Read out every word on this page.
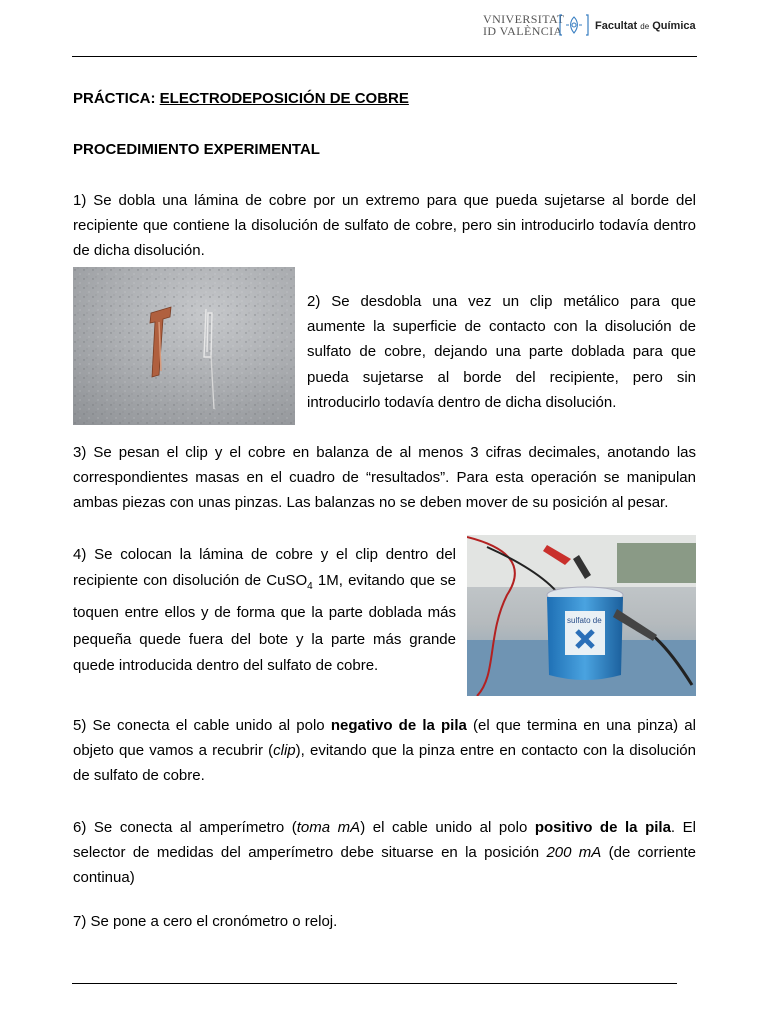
VNIVERSITAT
ID VALÈNCIA	Facultat de Química

PRÁCTICA: ELECTRODEPOSICIÓN DE COBRE

PROCEDIMIENTO EXPERIMENTAL

1) Se dobla una lámina de cobre por un extremo para que pueda sujetarse al borde del recipiente que contiene la disolución de sulfato de cobre, pero sin introducirlo todavía dentro de dicha disolución.

2) Se desdobla una vez un clip metálico para que aumente la superficie de contacto con la disolución de sulfato de cobre, dejando una parte doblada para que pueda sujetarse al borde del recipiente, pero sin introducirlo todavía dentro de dicha disolución.

3) Se pesan el clip y el cobre en balanza de al menos 3 cifras decimales, anotando las correspondientes masas en el cuadro de “resultados”. Para esta operación se manipulan ambas piezas con unas pinzas. Las balanzas no se deben mover de su posición al pesar.

4) Se colocan la lámina de cobre y el clip dentro del recipiente con disolución de CuSO$_4$ 1M, evitando que se toquen entre ellos y de forma que la parte doblada más pequeña quede fuera del bote y la parte más grande quede introducida dentro del sulfato de cobre.

sulfato de

5) Se conecta el cable unido al polo negativo de la pila (el que termina en una pinza) al objeto que vamos a recubrir (clip), evitando que la pinza entre en contacto con la disolución de sulfato de cobre.

6) Se conecta al amperímetro (toma mA) el cable unido al polo positivo de la pila. El selector de medidas del amperímetro debe situarse en la posición 200 mA (de corriente continua)

7) Se pone a cero el cronómetro o reloj.
